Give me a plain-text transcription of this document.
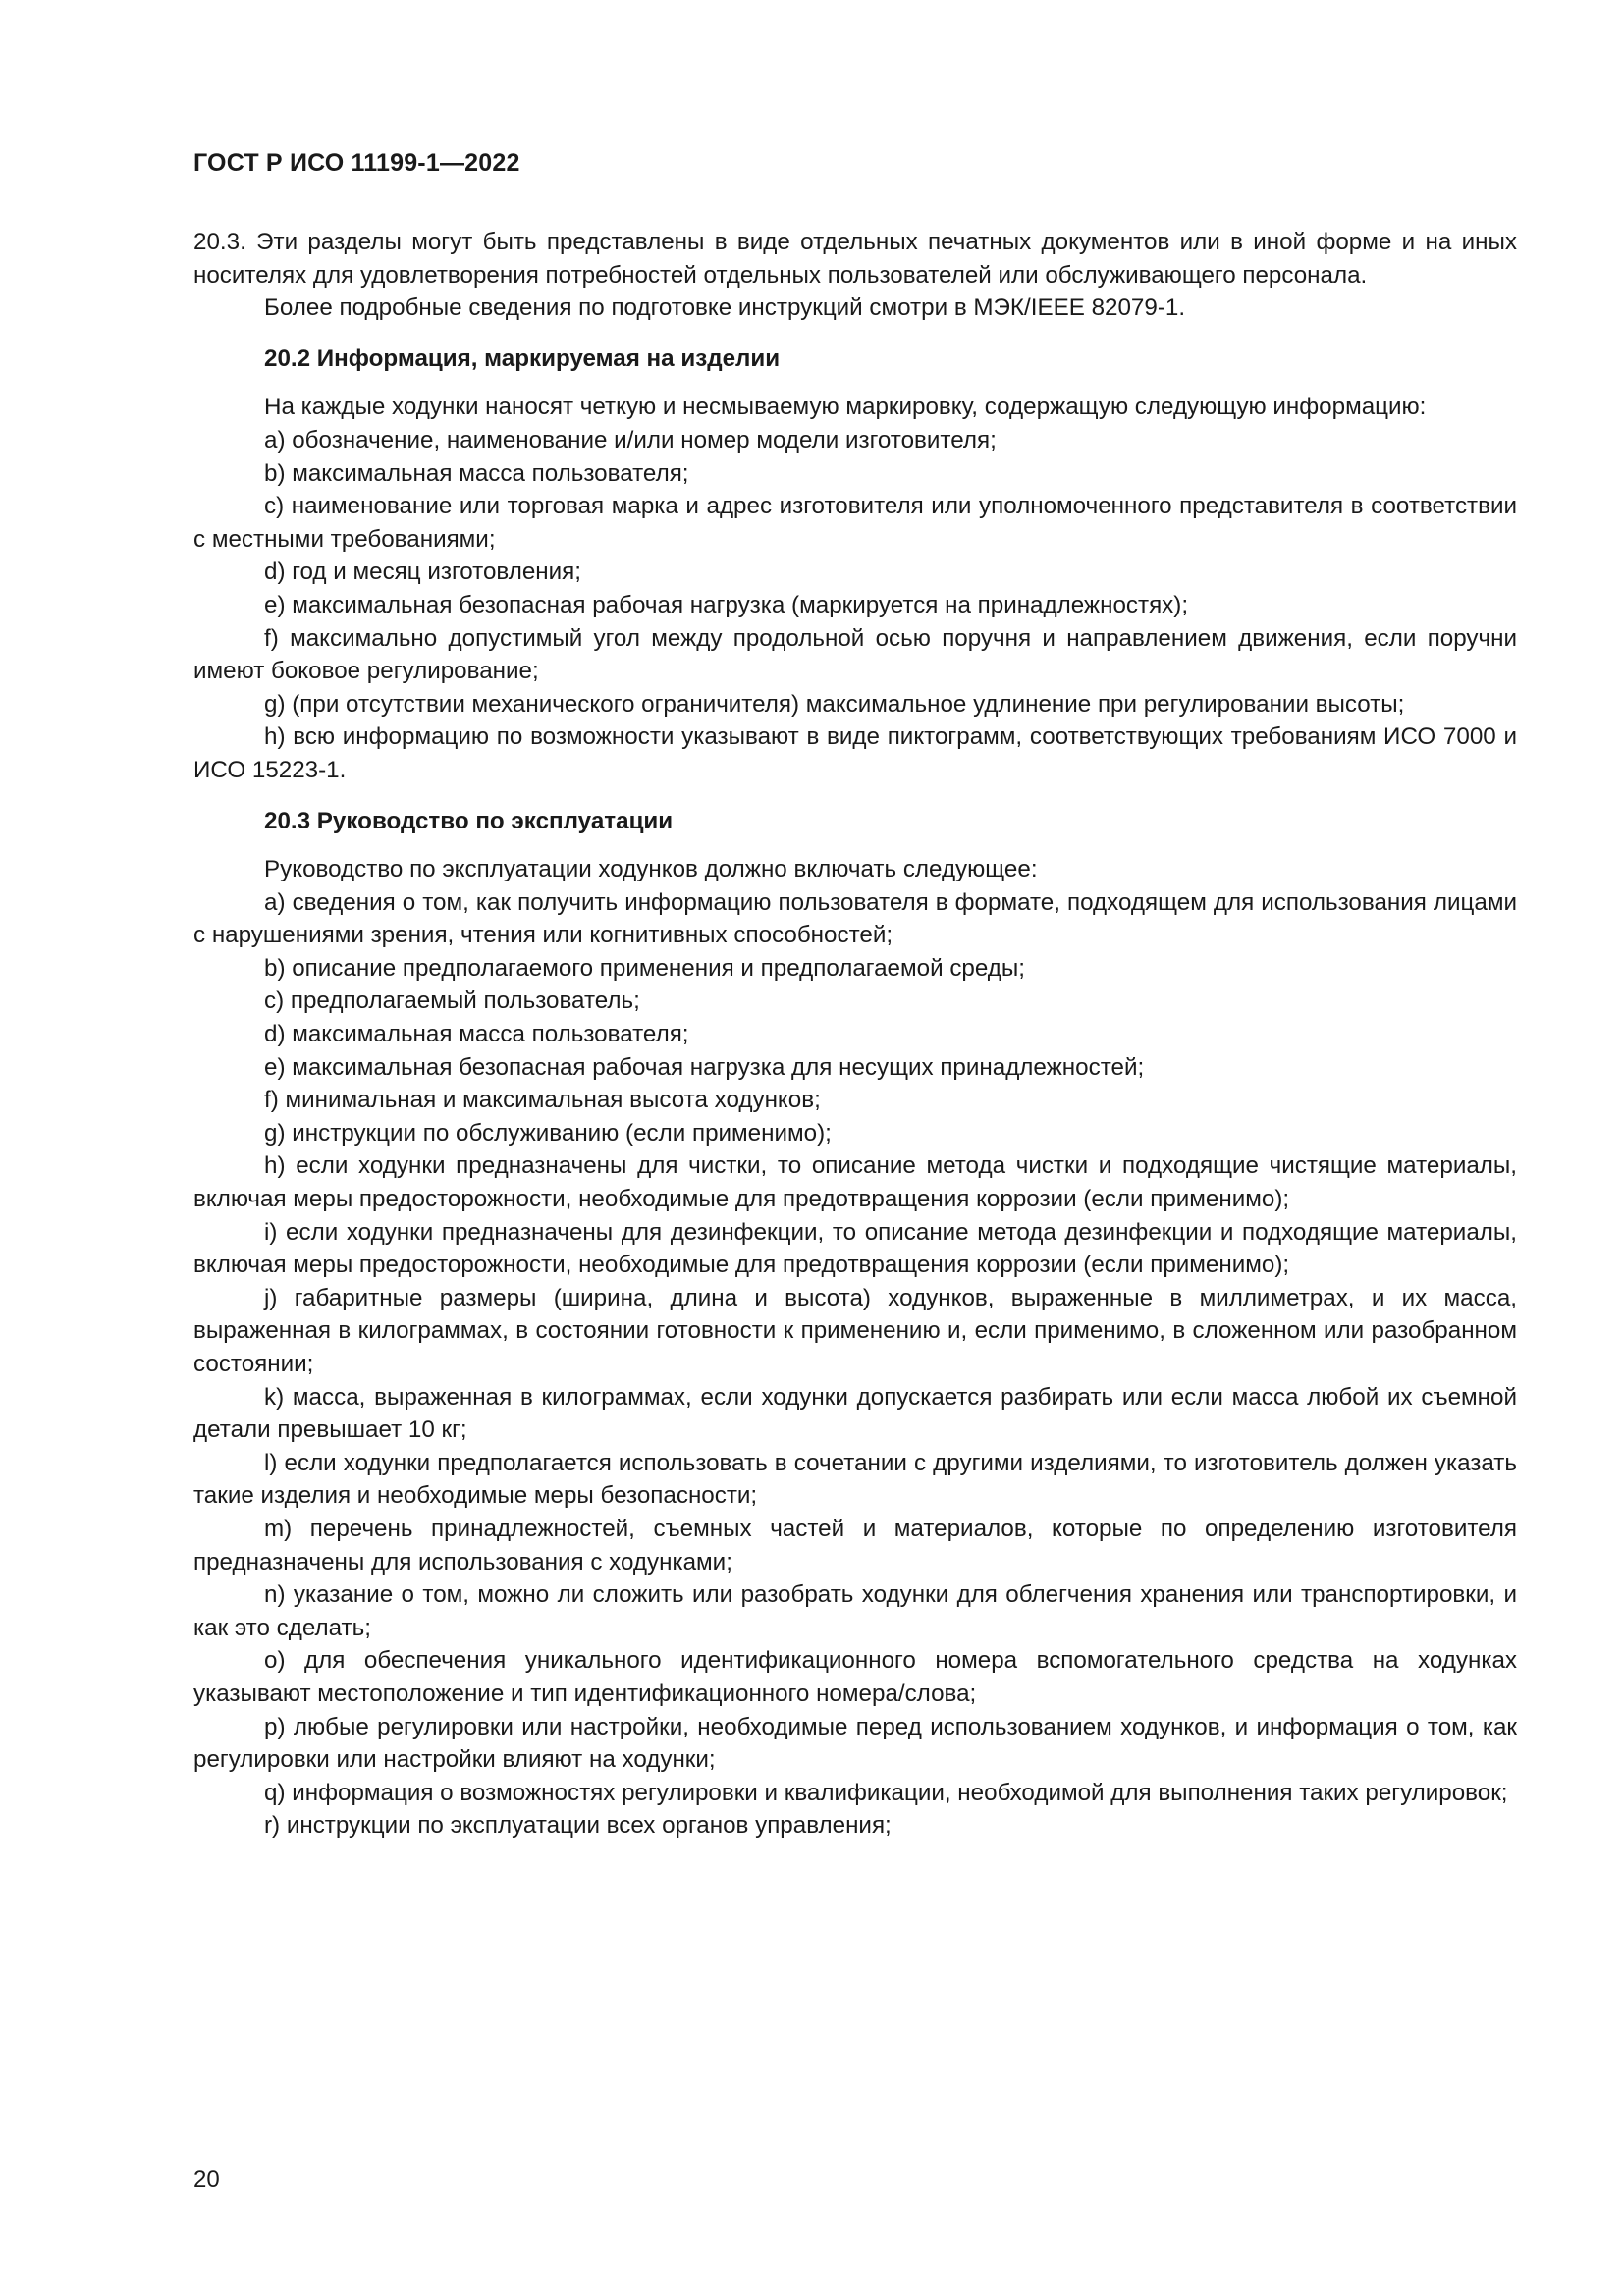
ГОСТ Р ИСО 11199-1—2022

20.3. Эти разделы могут быть представлены в виде отдельных печатных документов или в иной форме и на иных носителях для удовлетворения потребностей отдельных пользователей или обслуживающего персонала.

Более подробные сведения по подготовке инструкций смотри в МЭК/IEEE 82079-1.

20.2 Информация, маркируемая на изделии

На каждые ходунки наносят четкую и несмываемую маркировку, содержащую следующую информацию:

a) обозначение, наименование и/или номер модели изготовителя;

b) максимальная масса пользователя;

c) наименование или торговая марка и адрес изготовителя или уполномоченного представителя в соответствии с местными требованиями;

d) год и месяц изготовления;

e) максимальная безопасная рабочая нагрузка (маркируется на принадлежностях);

f) максимально допустимый угол между продольной осью поручня и направлением движения, если поручни имеют боковое регулирование;

g) (при отсутствии механического ограничителя) максимальное удлинение при регулировании высоты;

h) всю информацию по возможности указывают в виде пиктограмм, соответствующих требованиям ИСО 7000 и ИСО 15223-1.

20.3 Руководство по эксплуатации

Руководство по эксплуатации ходунков должно включать следующее:

a) сведения о том, как получить информацию пользователя в формате, подходящем для использования лицами с нарушениями зрения, чтения или когнитивных способностей;

b) описание предполагаемого применения и предполагаемой среды;

c) предполагаемый пользователь;

d) максимальная масса пользователя;

e) максимальная безопасная рабочая нагрузка для несущих принадлежностей;

f) минимальная и максимальная высота ходунков;

g) инструкции по обслуживанию (если применимо);

h) если ходунки предназначены для чистки, то описание метода чистки и подходящие чистящие материалы, включая меры предосторожности, необходимые для предотвращения коррозии (если применимо);

i) если ходунки предназначены для дезинфекции, то описание метода дезинфекции и подходящие материалы, включая меры предосторожности, необходимые для предотвращения коррозии (если применимо);

j) габаритные размеры (ширина, длина и высота) ходунков, выраженные в миллиметрах, и их масса, выраженная в килограммах, в состоянии готовности к применению и, если применимо, в сложенном или разобранном состоянии;

k) масса, выраженная в килограммах, если ходунки допускается разбирать или если масса любой их съемной детали превышает 10 кг;

l) если ходунки предполагается использовать в сочетании с другими изделиями, то изготовитель должен указать такие изделия и необходимые меры безопасности;

m) перечень принадлежностей, съемных частей и материалов, которые по определению изготовителя предназначены для использования с ходунками;

n) указание о том, можно ли сложить или разобрать ходунки для облегчения хранения или транспортировки, и как это сделать;

o) для обеспечения уникального идентификационного номера вспомогательного средства на ходунках указывают местоположение и тип идентификационного номера/слова;

p) любые регулировки или настройки, необходимые перед использованием ходунков, и информация о том, как регулировки или настройки влияют на ходунки;

q) информация о возможностях регулировки и квалификации, необходимой для выполнения таких регулировок;

r) инструкции по эксплуатации всех органов управления;

20
